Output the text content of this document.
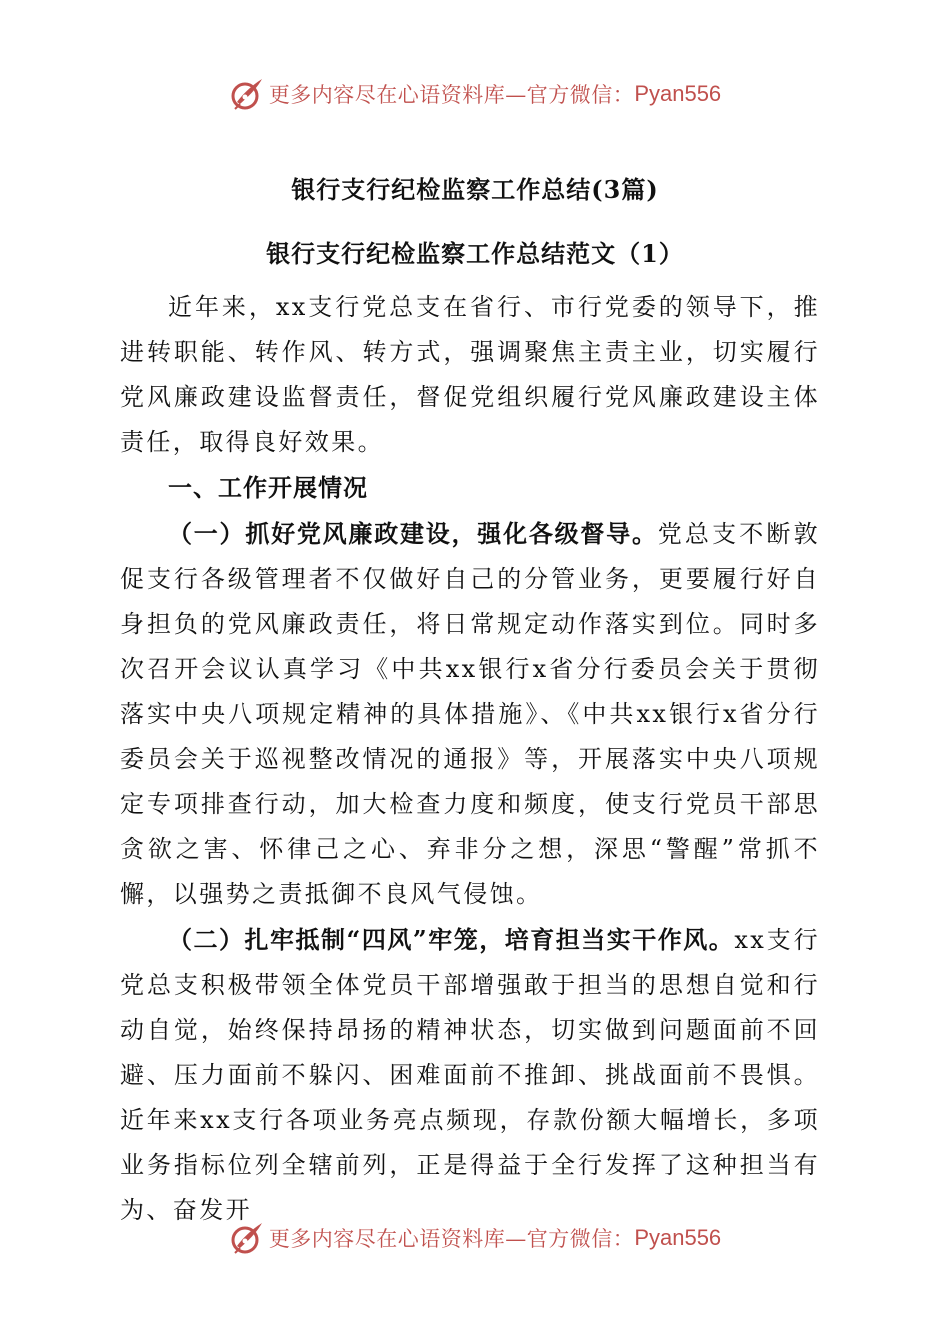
更多内容尽在心语资料库—官方微信： Pyan556
银行支行纪检监察工作总结(3篇)
银行支行纪检监察工作总结范文（1）

近年来，xx支行党总支在省行、市行党委的领导下，推进转职能、转作风、转方式，强调聚焦主责主业，切实履行党风廉政建设监督责任，督促党组织履行党风廉政建设主体责任，取得良好效果。

一、工作开展情况

（一）抓好党风廉政建设，强化各级督导。党总支不断敦促支行各级管理者不仅做好自己的分管业务，更要履行好自身担负的党风廉政责任，将日常规定动作落实到位。同时多次召开会议认真学习《中共xx银行x省分行委员会关于贯彻落实中央八项规定精神的具体措施》、《中共xx银行x省分行委员会关于巡视整改情况的通报》等，开展落实中央八项规定专项排查行动，加大检查力度和频度，使支行党员干部思贪欲之害、怀律己之心、弃非分之想，深思“警醒”常抓不懈，以强势之责抵御不良风气侵蚀。

（二）扎牢抵制“四风”牢笼，培育担当实干作风。xx支行党总支积极带领全体党员干部增强敢于担当的思想自觉和行动自觉，始终保持昂扬的精神状态，切实做到问题面前不回避、压力面前不躲闪、困难面前不推卸、挑战面前不畏惧。近年来xx支行各项业务亮点频现，存款份额大幅增长，多项业务指标位列全辖前列，正是得益于全行发挥了这种担当有为、奋发开

更多内容尽在心语资料库—官方微信： Pyan556
